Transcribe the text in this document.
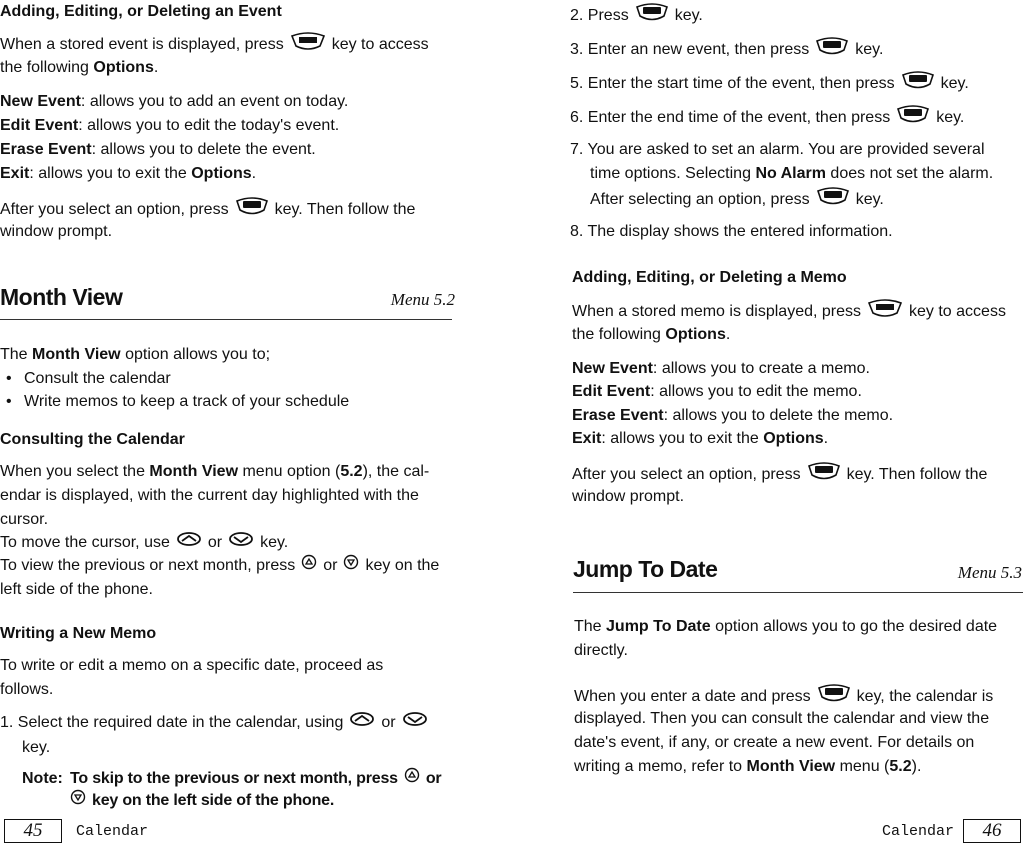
Adding, Editing, or Deleting an Event
When a stored event is displayed, press	key to access
the following Options.
New Event: allows you to add an event on today.
Edit Event: allows you to edit the today's event.
Erase Event: allows you to delete the event.
Exit: allows you to exit the Options.
After you select an option, press	key. Then follow the
window prompt.
Month View	Menu 5.2
The Month View option allows you to;
• Consult the calendar
• Write memos to keep a track of your schedule
Consulting the Calendar
When you select the Month View menu option (5.2), the cal-
endar is displayed, with the current day highlighted with the
cursor.
To move the cursor, use or key.
To view the previous or next month, press or key on the
left side of the phone.
Writing a New Memo
To write or edit a memo on a specific date, proceed as
follows.
1. Select the required date in the calendar, using or
key.
Note: To skip to the previous or next month, press or
key on the left side of the phone.
45	Calendar
2. Press	key.
3. Enter an new event, then press	key.
5. Enter the start time of the event, then press	key.
6. Enter the end time of the event, then press	key.
7. You are asked to set an alarm. You are provided several
time options. Selecting No Alarm does not set the alarm.
After selecting an option, press	key.
8. The display shows the entered information.
Adding, Editing, or Deleting a Memo
When a stored memo is displayed, press	key to access
the following Options.
New Event: allows you to create a memo.
Edit Event: allows you to edit the memo.
Erase Event: allows you to delete the memo.
Exit: allows you to exit the Options.
After you select an option, press	key. Then follow the
window prompt.
Jump To Date	Menu 5.3
The Jump To Date option allows you to go the desired date
directly.
When you enter a date and press	key, the calendar is
displayed. Then you can consult the calendar and view the
date's event, if any, or create a new event. For details on
writing a memo, refer to Month View menu (5.2).
Calendar	46
